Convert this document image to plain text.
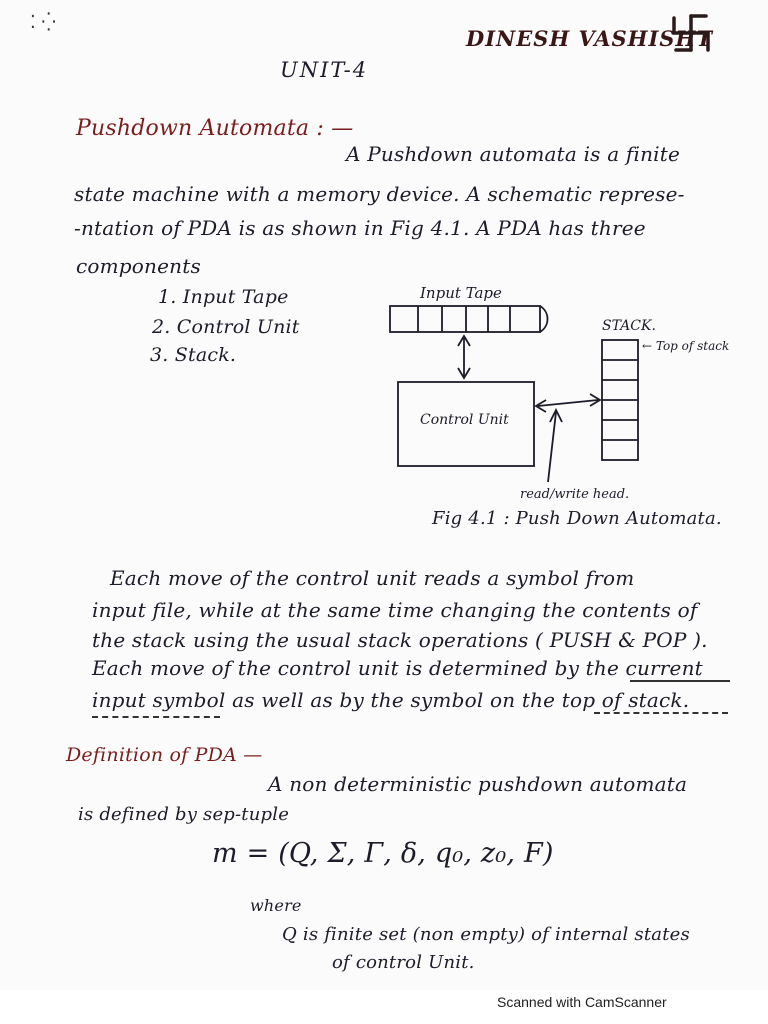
⁚ ⁛
DINESH VASHISHT
UNIT-4
Pushdown Automata : —
A Pushdown automata is a finite
state machine with a memory device. A schematic represe-
-ntation of PDA is as shown in Fig 4.1. A PDA has three
components
1. Input Tape
2. Control Unit
3. Stack.
Input Tape
STACK.
← Top of stack
Control Unit
read/write head.
Fig 4.1 : Push Down Automata.
Each move of the control unit reads a symbol from
input file, while at the same time changing the contents of
the stack using the usual stack operations ( PUSH & POP ).
Each move of the control unit is determined by the current
input symbol as well as by the symbol on the top of stack.
Definition of PDA —
A non deterministic pushdown automata
is defined by sep-tuple
m = (Q, Σ, Γ, δ, q₀, z₀, F)
where
Q is finite set (non empty) of internal states
of control Unit.
Scanned with CamScanner
